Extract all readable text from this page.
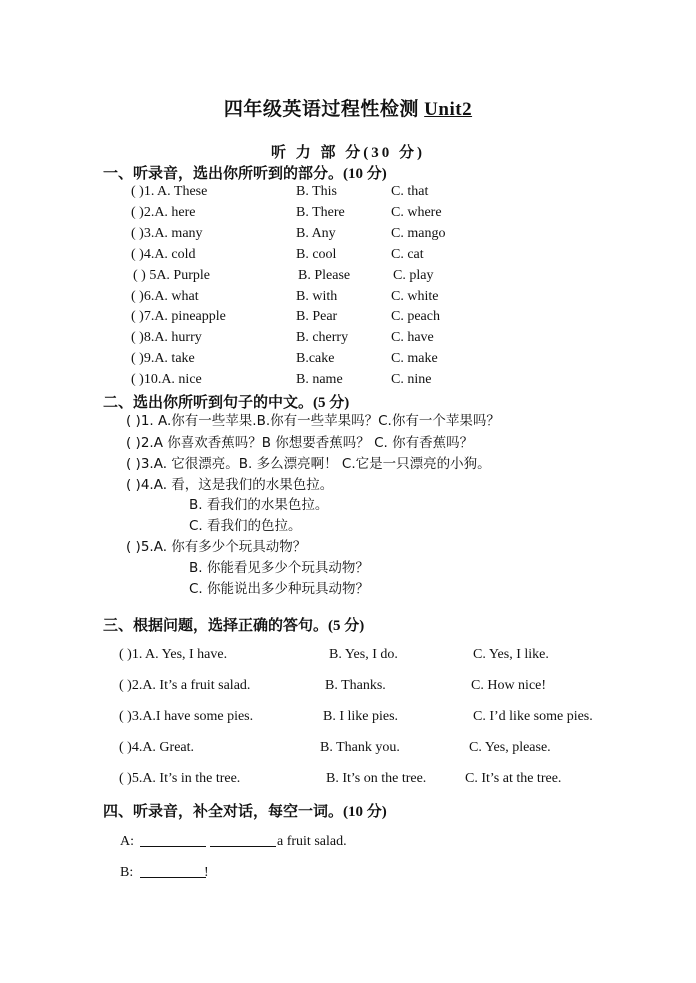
四年级英语过程性检测 Unit2
听 力 部 分(30 分)
一、听录音，选出你所听到的部分。(10 分)
( )1. A. These	B. This	C. that
( )2.A. here	B. There	C. where
( )3.A. many	B. Any	C. mango
( )4.A. cold	B. cool	C. cat
( ) 5A. Purple	B. Please	C. play
( )6.A. what	B. with	C. white
( )7.A. pineapple	B. Pear	C. peach
( )8.A. hurry	B. cherry	C. have
( )9.A. take	B.cake	C. make
( )10.A. nice	B. name	C. nine
二、选出你所听到句子的中文。(5 分)
( )1. A.你有一些苹果.B.你有一些苹果吗？C.你有一个苹果吗？
( )2.A 你喜欢香蕉吗？B 你想要香蕉吗？ C. 你有香蕉吗？
( )3.A. 它很漂亮。B. 多么漂亮啊！ C.它是一只漂亮的小狗。
( )4.A. 看，这是我们的水果色拉。
B. 看我们的水果色拉。
C. 看我们的色拉。
( )5.A. 你有多少个玩具动物？
B. 你能看见多少个玩具动物？
C. 你能说出多少种玩具动物？
三、根据问题，选择正确的答句。(5 分)
( )1. A. Yes, I have.	B. Yes, I do.	C. Yes, I like.
( )2.A. It’s a fruit salad.	B. Thanks.	C. How nice!
( )3.A.I have some pies.	B. I like pies.	C. I’d like some pies.
( )4.A. Great.	B. Thank you.	C. Yes, please.
( )5.A. It’s in the tree.	B. It’s on the tree.	C. It’s at the tree.
四、听录音，补全对话，每空一词。(10 分)
A:	a fruit salad.
B:	!
